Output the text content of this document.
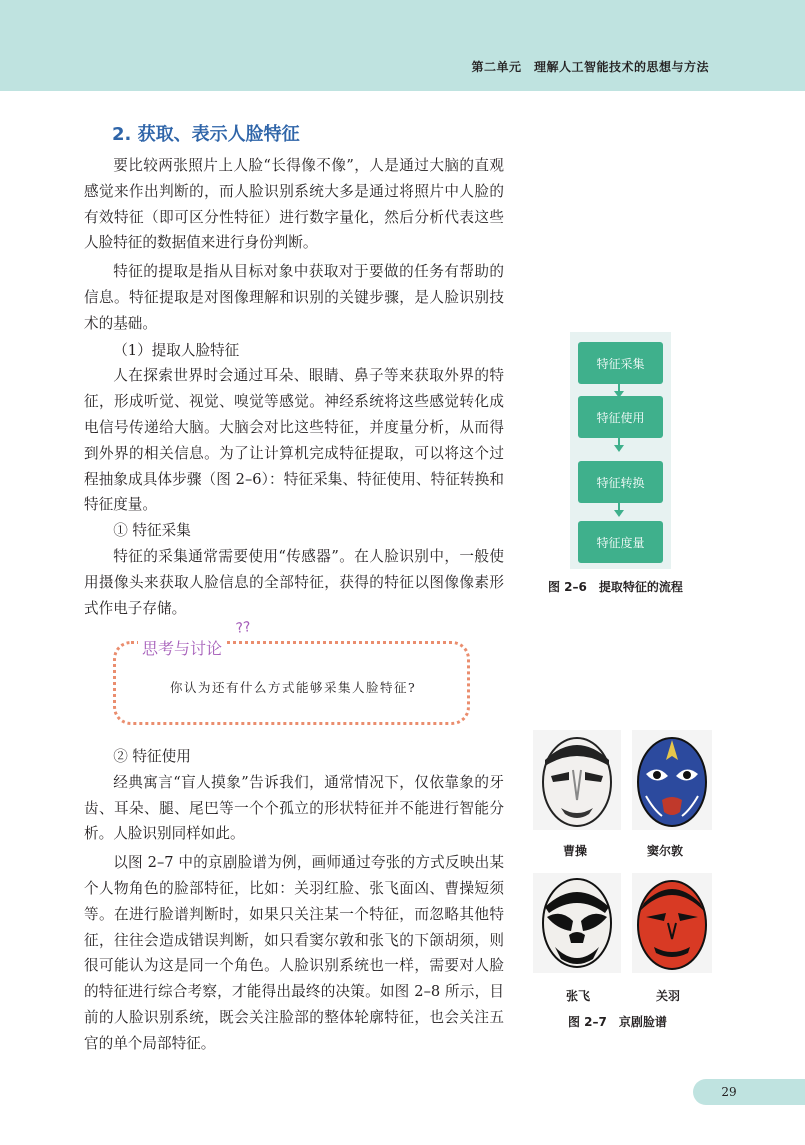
第二单元　理解人工智能技术的思想与方法
2. 获取、表示人脸特征

要比较两张照片上人脸“长得像不像”，人是通过大脑的直观感觉来作出判断的，而人脸识别系统大多是通过将照片中人脸的有效特征（即可区分性特征）进行数字量化，然后分析代表这些人脸特征的数据值来进行身份判断。

特征的提取是指从目标对象中获取对于要做的任务有帮助的信息。特征提取是对图像理解和识别的关键步骤，是人脸识别技术的基础。

（1）提取人脸特征

人在探索世界时会通过耳朵、眼睛、鼻子等来获取外界的特征，形成听觉、视觉、嗅觉等感觉。神经系统将这些感觉转化成电信号传递给大脑。大脑会对比这些特征，并度量分析，从而得到外界的相关信息。为了让计算机完成特征提取，可以将这个过程抽象成具体步骤（图 2–6）：特征采集、特征使用、特征转换和特征度量。

① 特征采集

特征的采集通常需要使用“传感器”。在人脸识别中，一般使用摄像头来获取人脸信息的全部特征，获得的特征以图像像素形式作电子存储。

特征采集
特征使用
特征转换
特征度量
图 2–6　提取特征的流程
思考与讨论
??
你认为还有什么方式能够采集人脸特征?

② 特征使用

经典寓言“盲人摸象”告诉我们，通常情况下，仅依靠象的牙齿、耳朵、腿、尾巴等一个个孤立的形状特征并不能进行智能分析。人脸识别同样如此。

以图 2–7 中的京剧脸谱为例，画师通过夸张的方式反映出某个人物角色的脸部特征，比如：关羽红脸、张飞面凶、曹操短须等。在进行脸谱判断时，如果只关注某一个特征，而忽略其他特征，往往会造成错误判断，如只看窦尔敦和张飞的下颌胡须，则很可能认为这是同一个角色。人脸识别系统也一样，需要对人脸的特征进行综合考察，才能得出最终的决策。如图 2–8 所示，目前的人脸识别系统，既会关注脸部的整体轮廓特征，也会关注五官的单个局部特征。

曹操	窦尔敦
张飞	关羽
图 2–7　京剧脸谱
29
